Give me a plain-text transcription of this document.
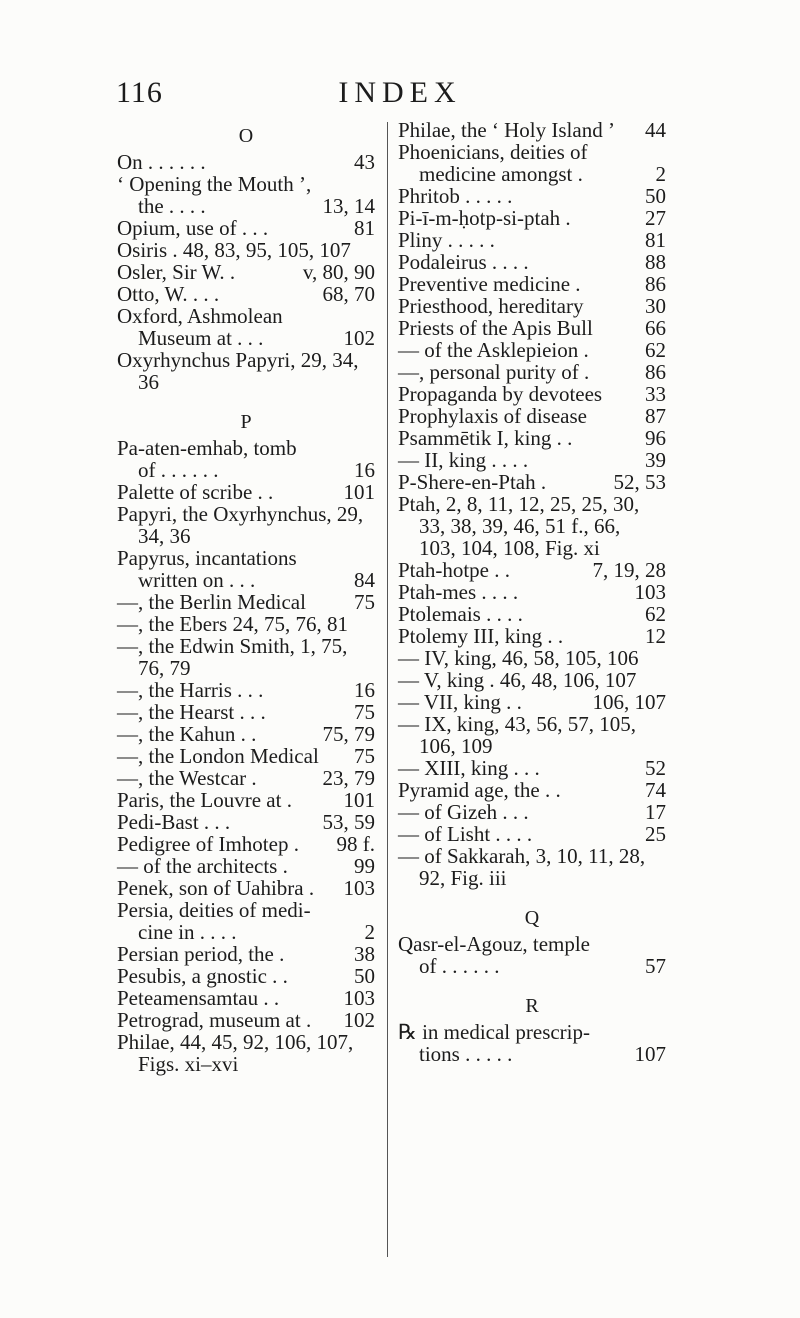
116	INDEX
O
On . . . . . .	43
‘ Opening the Mouth ’,
the . . . .	13, 14
Opium, use of . . .	81
Osiris . 48, 83, 95, 105, 107
Osler, Sir W. .	v, 80, 90
Otto, W. . . .	68, 70
Oxford, Ashmolean
Museum at . . .	102
Oxyrhynchus Papyri, 29, 34,
36
P
Pa-aten-emhab, tomb
of . . . . . .	16
Palette of scribe . .	101
Papyri, the Oxyrhynchus, 29,
34, 36
Papyrus, incantations
written on . . .	84
—, the Berlin Medical	75
—, the Ebers 24, 75, 76, 81
—, the Edwin Smith, 1, 75,
76, 79
—, the Harris . . .	16
—, the Hearst . . .	75
—, the Kahun . .	75, 79
—, the London Medical	75
—, the Westcar .	23, 79
Paris, the Louvre at .	101
Pedi-Bast . . .	53, 59
Pedigree of Imhotep .	98 f.
— of the architects .	99
Penek, son of Uahibra .	103
Persia, deities of medi-
cine in . . . .	2
Persian period, the .	38
Pesubis, a gnostic . .	50
Peteamensamtau . .	103
Petrograd, museum at .	102
Philae, 44, 45, 92, 106, 107,
Figs. xi–xvi
Philae, the ‘ Holy Island ’	44
Phoenicians, deities of
medicine amongst .	2
Phritob . . . . .	50
Pi-ī-m-ḥotp-si-ptah .	27
Pliny . . . . .	81
Podaleirus . . . .	88
Preventive medicine .	86
Priesthood, hereditary	30
Priests of the Apis Bull	66
— of the Asklepieion .	62
—, personal purity of .	86
Propaganda by devotees	33
Prophylaxis of disease	87
Psammētik I, king . .	96
— II, king . . . .	39
P-Shere-en-Ptah .	52, 53
Ptah, 2, 8, 11, 12, 25, 25, 30,
33, 38, 39, 46, 51 f., 66,
103, 104, 108, Fig. xi
Ptah-hotpe . .	7, 19, 28
Ptah-mes . . . .	103
Ptolemais . . . .	62
Ptolemy III, king . .	12
— IV, king, 46, 58, 105, 106
— V, king . 46, 48, 106, 107
— VII, king . .	106, 107
— IX, king, 43, 56, 57, 105,
106, 109
— XIII, king . . .	52
Pyramid age, the . .	74
— of Gizeh . . .	17
— of Lisht . . . .	25
— of Sakkarah, 3, 10, 11, 28,
92, Fig. iii
Q
Qasr-el-Agouz, temple
of . . . . . .	57
R
℞ in medical prescrip-
tions . . . . .	107
